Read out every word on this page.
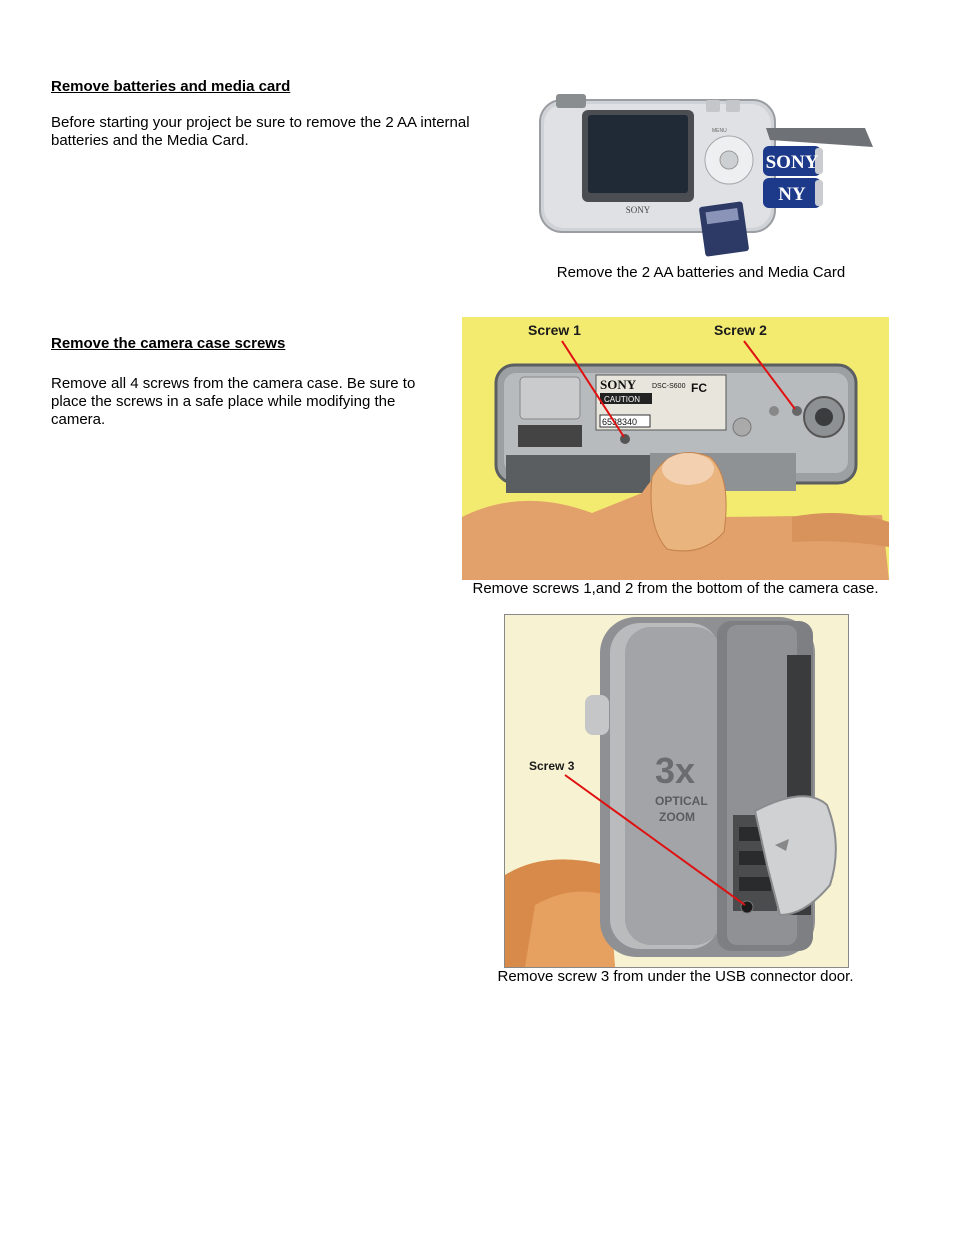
Remove batteries and media card
Before starting your project be sure to remove the 2 AA internal batteries and the Media Card.
SONY
MENU
SONY
NY
Remove the 2 AA batteries and Media Card
Remove the camera case screws
Remove all 4 screws from the camera case. Be sure to place the screws in a safe place while modifying the camera.
SONY DSC-S600
CAUTION
FC
6538340
Screw 1	Screw 2
Remove screws 1,and 2 from the bottom of the camera case.
3x
OPTICAL
ZOOM
Screw 3
Remove screw 3 from under the USB connector door.
